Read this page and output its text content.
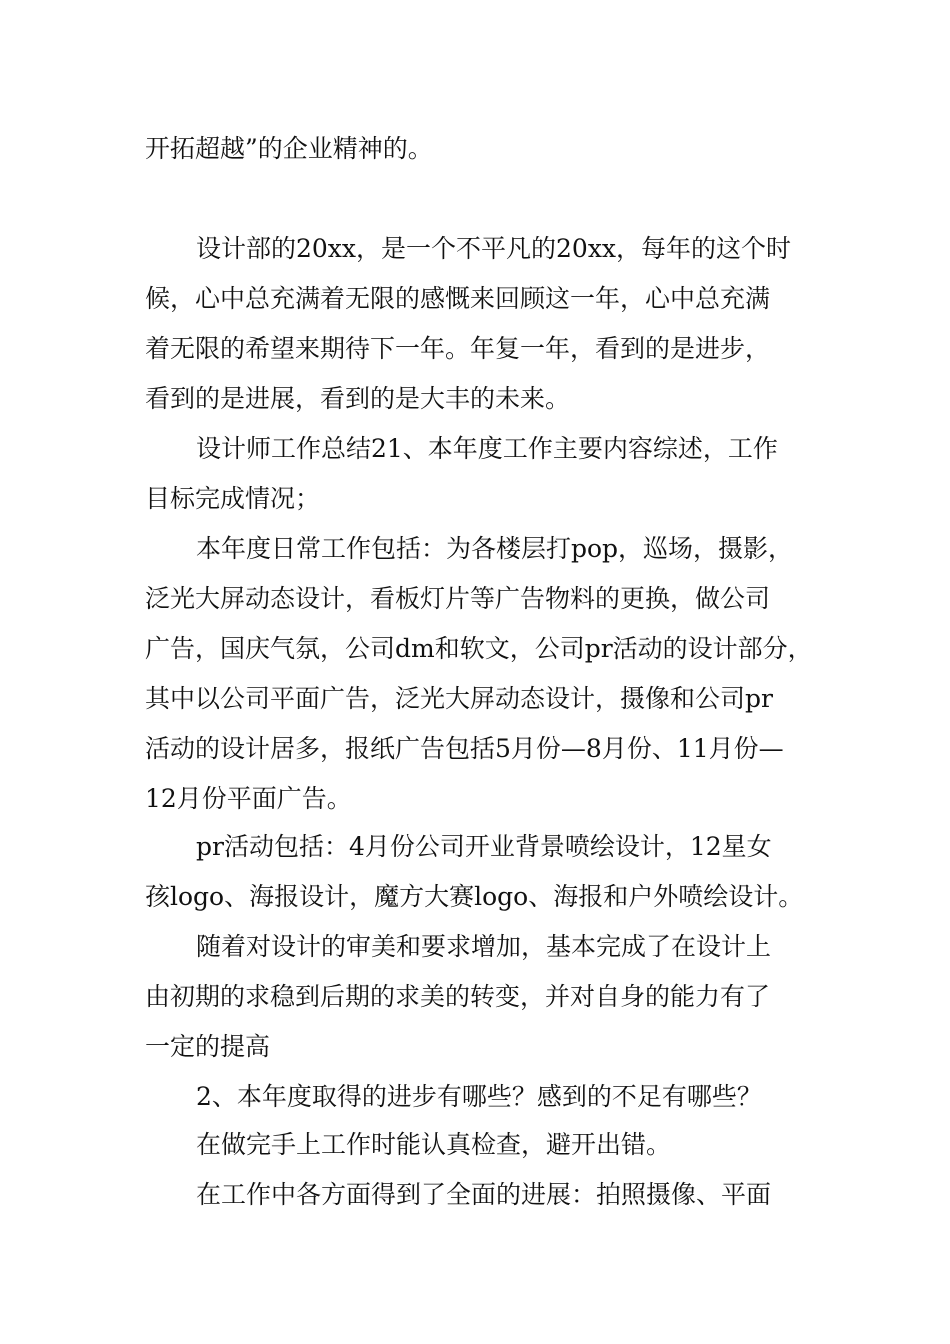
开拓超越”的企业精神的。

设计部的20xx，是一个不平凡的20xx，每年的这个时

候，心中总充满着无限的感慨来回顾这一年，心中总充满

着无限的希望来期待下一年。年复一年，看到的是进步，

看到的是进展，看到的是大丰的未来。

设计师工作总结21、本年度工作主要内容综述，工作

目标完成情况；

本年度日常工作包括：为各楼层打pop，巡场，摄影，

泛光大屏动态设计，看板灯片等广告物料的更换，做公司

广告，国庆气氛，公司dm和软文，公司pr活动的设计部分，

其中以公司平面广告，泛光大屏动态设计，摄像和公司pr

活动的设计居多，报纸广告包括5月份—8月份、11月份—

12月份平面广告。

pr活动包括：4月份公司开业背景喷绘设计，12星女

孩logo、海报设计，魔方大赛logo、海报和户外喷绘设计。

随着对设计的审美和要求增加，基本完成了在设计上

由初期的求稳到后期的求美的转变，并对自身的能力有了

一定的提高

2、本年度取得的进步有哪些？感到的不足有哪些？

在做完手上工作时能认真检查，避开出错。

在工作中各方面得到了全面的进展：拍照摄像、平面
